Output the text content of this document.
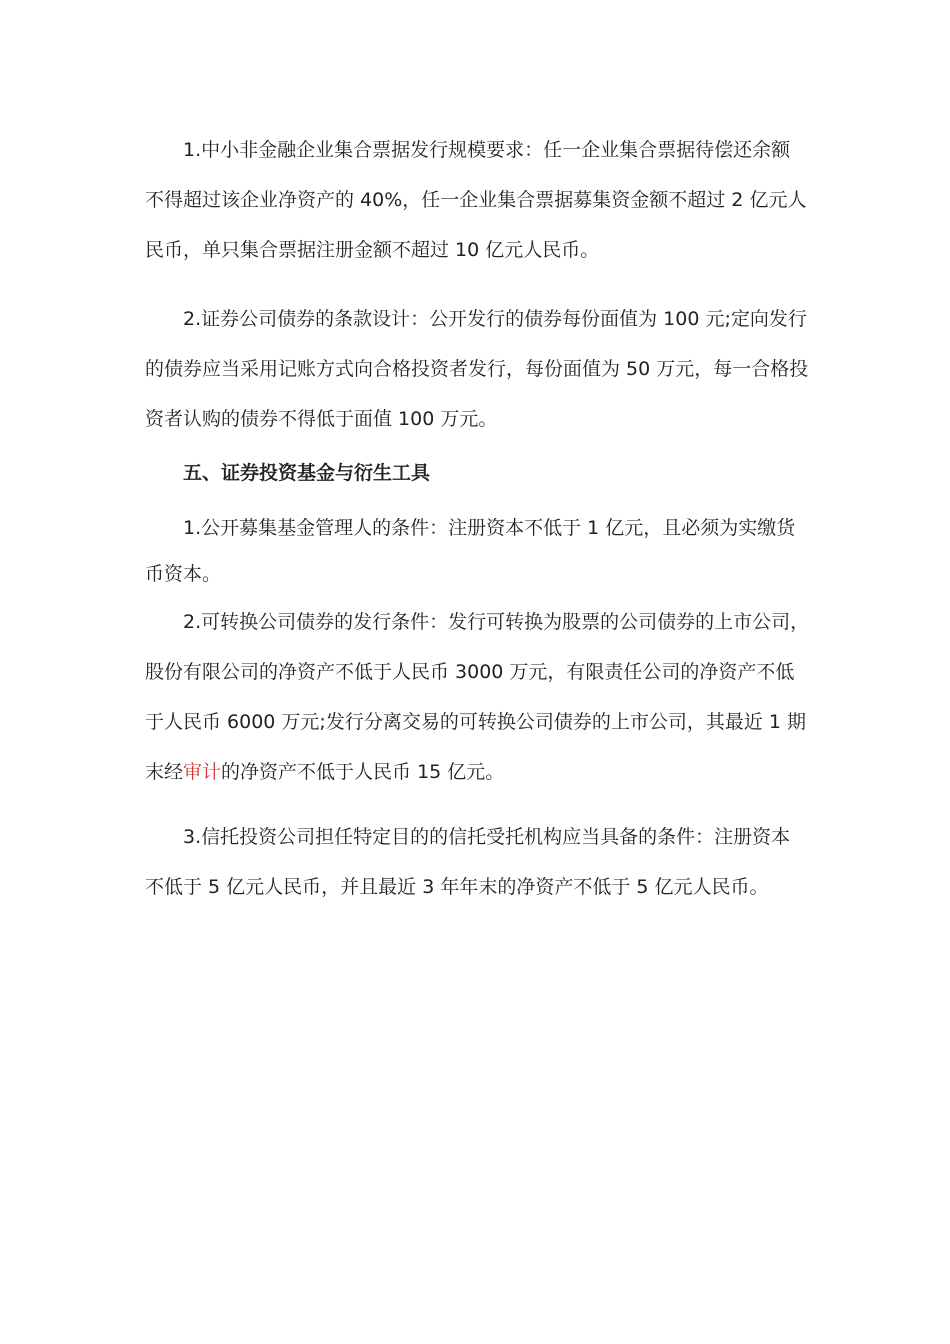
1.中小非金融企业集合票据发行规模要求：任一企业集合票据待偿还余额
不得超过该企业净资产的 40%，任一企业集合票据募集资金额不超过 2 亿元人
民币，单只集合票据注册金额不超过 10 亿元人民币。
2.证券公司债券的条款设计：公开发行的债券每份面值为 100 元;定向发行
的债券应当采用记账方式向合格投资者发行，每份面值为 50 万元，每一合格投
资者认购的债券不得低于面值 100 万元。
五、证券投资基金与衍生工具
1.公开募集基金管理人的条件：注册资本不低于 1 亿元，且必须为实缴货
币资本。
2.可转换公司债券的发行条件：发行可转换为股票的公司债券的上市公司，
股份有限公司的净资产不低于人民币 3000 万元，有限责任公司的净资产不低
于人民币 6000 万元;发行分离交易的可转换公司债券的上市公司，其最近 1 期
末经审计的净资产不低于人民币 15 亿元。
3.信托投资公司担任特定目的的信托受托机构应当具备的条件：注册资本
不低于 5 亿元人民币，并且最近 3 年年末的净资产不低于 5 亿元人民币。
